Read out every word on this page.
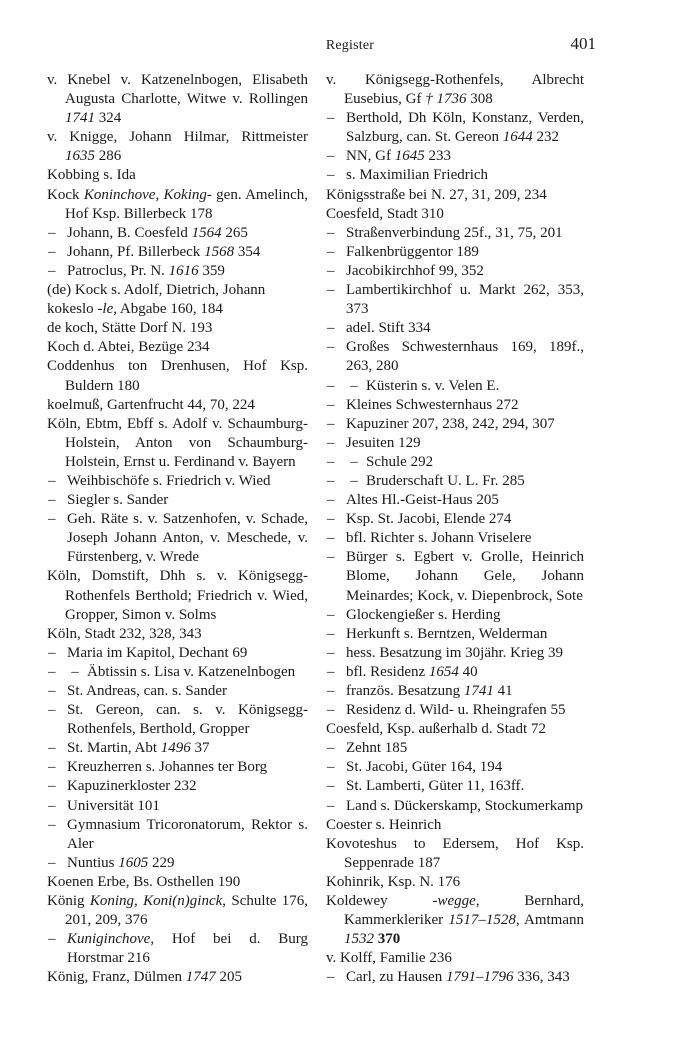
Register	401
v. Knebel v. Katzenelnbogen, Elisabeth Augusta Charlotte, Witwe v. Rollingen 1741 324
v. Knigge, Johann Hilmar, Rittmeister 1635 286
Kobbing s. Ida
Kock Koninchove, Koking- gen. Amelinch, Hof Ksp. Billerbeck 178
– Johann, B. Coesfeld 1564 265
– Johann, Pf. Billerbeck 1568 354
– Patroclus, Pr. N. 1616 359
(de) Kock s. Adolf, Dietrich, Johann
kokeslo -le, Abgabe 160, 184
de koch, Stätte Dorf N. 193
Koch d. Abtei, Bezüge 234
Coddenhus ton Drenhusen, Hof Ksp. Buldern 180
koelmuß, Gartenfrucht 44, 70, 224
Köln, Ebtm, Ebff s. Adolf v. Schaumburg-Holstein, Anton von Schaumburg-Holstein, Ernst u. Ferdinand v. Bayern
– Weihbischöfe s. Friedrich v. Wied
– Siegler s. Sander
– Geh. Räte s. v. Satzenhofen, v. Schade, Joseph Johann Anton, v. Meschede, v. Fürstenberg, v. Wrede
Köln, Domstift, Dhh s. v. Königsegg-Rothenfels Berthold; Friedrich v. Wied, Gropper, Simon v. Solms
Köln, Stadt 232, 328, 343
– Maria im Kapitol, Dechant 69
– – Äbtissin s. Lisa v. Katzenelnbogen
– St. Andreas, can. s. Sander
– St. Gereon, can. s. v. Königsegg-Rothenfels, Berthold, Gropper
– St. Martin, Abt 1496 37
– Kreuzherren s. Johannes ter Borg
– Kapuzinerkloster 232
– Universität 101
– Gymnasium Tricoronatorum, Rektor s. Aler
– Nuntius 1605 229
Koenen Erbe, Bs. Osthellen 190
König Koning, Koni(n)ginck, Schulte 176, 201, 209, 376
– Kuniginchove, Hof bei d. Burg Horstmar 216
König, Franz, Dülmen 1747 205
v. Königsegg-Rothenfels, Albrecht Eusebius, Gf † 1736 308
– Berthold, Dh Köln, Konstanz, Verden, Salzburg, can. St. Gereon 1644 232
– NN, Gf 1645 233
– s. Maximilian Friedrich
Königsstraße bei N. 27, 31, 209, 234
Coesfeld, Stadt 310
– Straßenverbindung 25f., 31, 75, 201
– Falkenbrüggentor 189
– Jacobikirchhof 99, 352
– Lambertikirchhof u. Markt 262, 353, 373
– adel. Stift 334
– Großes Schwesternhaus 169, 189f., 263, 280
– – Küsterin s. v. Velen E.
– Kleines Schwesternhaus 272
– Kapuziner 207, 238, 242, 294, 307
– Jesuiten 129
– – Schule 292
– – Bruderschaft U. L. Fr. 285
– Altes Hl.-Geist-Haus 205
– Ksp. St. Jacobi, Elende 274
– bfl. Richter s. Johann Vriselere
– Bürger s. Egbert v. Grolle, Heinrich Blome, Johann Gele, Johann Meinardes; Kock, v. Diepenbrock, Sote
– Glockengießer s. Herding
– Herkunft s. Berntzen, Welderman
– hess. Besatzung im 30jähr. Krieg 39
– bfl. Residenz 1654 40
– französ. Besatzung 1741 41
– Residenz d. Wild- u. Rheingrafen 55
Coesfeld, Ksp. außerhalb d. Stadt 72
– Zehnt 185
– St. Jacobi, Güter 164, 194
– St. Lamberti, Güter 11, 163ff.
– Land s. Dückerskamp, Stockumerkamp
Coester s. Heinrich
Kovoteshus to Edersem, Hof Ksp. Seppenrade 187
Kohinrik, Ksp. N. 176
Koldewey -wegge, Bernhard, Kammerkleriker 1517–1528, Amtmann 1532 370
v. Kolff, Familie 236
– Carl, zu Hausen 1791–1796 336, 343
